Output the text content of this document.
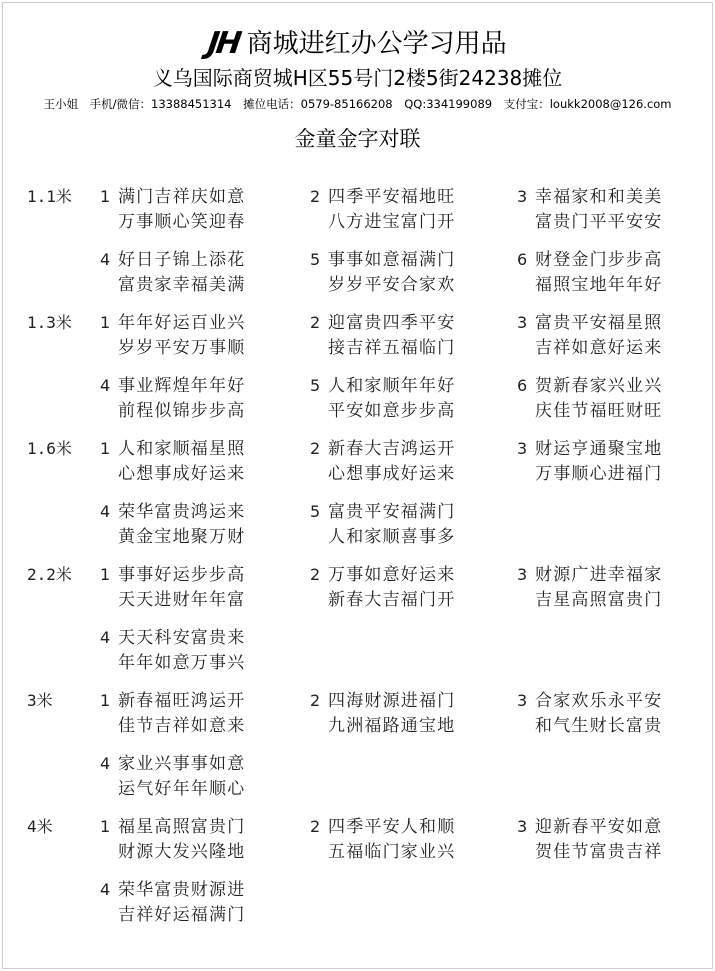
JH 商城进红办公学习用品
义乌国际商贸城H区55号门2楼5街24238摊位
王小姐 手机/微信：13388451314 摊位电话：0579-85166208 QQ:334199089 支付宝：loukk2008@126.com
金童金字对联
1.1米 1 满门吉祥庆如意
万事顺心笑迎春
2 四季平安福地旺
八方进宝富门开
3 幸福家和和美美
富贵门平平安安
4 好日子锦上添花
富贵家幸福美满
5 事事如意福满门
岁岁平安合家欢
6 财登金门步步高
福照宝地年年好
1.3米 1 年年好运百业兴
岁岁平安万事顺
2 迎富贵四季平安
接吉祥五福临门
3 富贵平安福星照
吉祥如意好运来
4 事业辉煌年年好
前程似锦步步高
5 人和家顺年年好
平安如意步步高
6 贺新春家兴业兴
庆佳节福旺财旺
1.6米 1 人和家顺福星照
心想事成好运来
2 新春大吉鸿运开
心想事成好运来
3 财运亨通聚宝地
万事顺心进福门
4 荣华富贵鸿运来
黄金宝地聚万财
5 富贵平安福满门
人和家顺喜事多
2.2米 1 事事好运步步高
天天进财年年富
2 万事如意好运来
新春大吉福门开
3 财源广进幸福家
吉星高照富贵门
4 天天科安富贵来
年年如意万事兴
3米	1 新春福旺鸿运开
佳节吉祥如意来
2 四海财源进福门
九洲福路通宝地
3 合家欢乐永平安
和气生财长富贵
4 家业兴事事如意
运气好年年顺心
4米	1 福星高照富贵门
财源大发兴隆地
2 四季平安人和顺
五福临门家业兴
3 迎新春平安如意
贺佳节富贵吉祥
4 荣华富贵财源进
吉祥好运福满门
